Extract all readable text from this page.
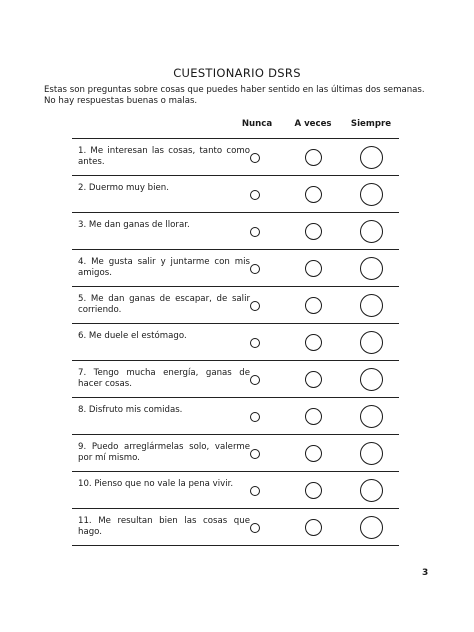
CUESTIONARIO DSRS
Estas son preguntas sobre cosas que puedes haber sentido en las últimas dos semanas.
No hay respuestas buenas o malas.
Nunca	A veces	Siempre
1. Me interesan las cosas, tanto como antes.
2. Duermo muy bien.
3. Me dan ganas de llorar.
4. Me gusta salir y juntarme con mis amigos.
5. Me dan ganas de escapar, de salir corriendo.
6. Me duele el estómago.
7. Tengo mucha energía, ganas de hacer cosas.
8. Disfruto mis comidas.
9. Puedo arreglármelas solo, valerme por mí mismo.
10. Pienso que no vale la pena vivir.
11. Me resultan bien las cosas que hago.
3
